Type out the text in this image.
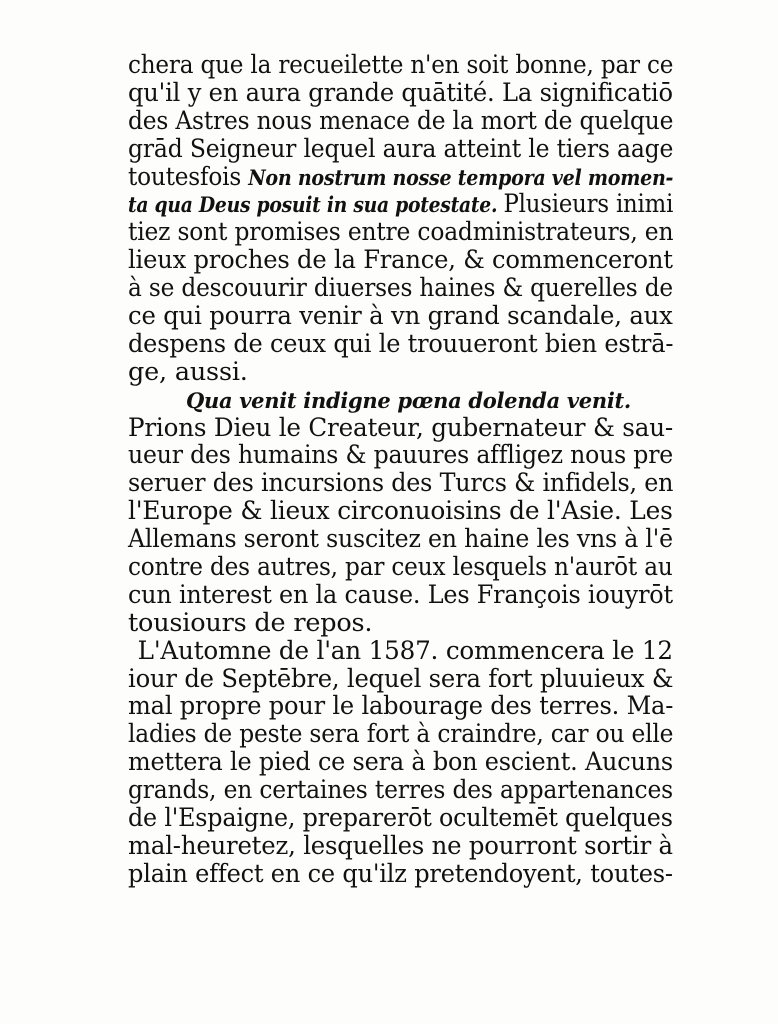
chera que la recueilette n'en soit bonne, par ce
qu'il y en aura grande quātité. La significatiō
des Astres nous menace de la mort de quelque
grād Seigneur lequel aura atteint le tiers aage
toutesfois Non nostrum nosse tempora vel momen-
ta qua Deus posuit in sua potestate. Plusieurs inimi
tiez sont promises entre coadministrateurs, en
lieux proches de la France, & commenceront
à se descouurir diuerses haines & querelles de
ce qui pourra venir à vn grand scandale, aux
despens de ceux qui le trouueront bien estrā-
ge, aussi.
Qua venit indigne pœna dolenda venit.
Prions Dieu le Createur, gubernateur & sau-
ueur des humains & pauures affligez nous pre
seruer des incursions des Turcs & infidels, en
l'Europe & lieux circonuoisins de l'Asie. Les
Allemans seront suscitez en haine les vns à l'ē
contre des autres, par ceux lesquels n'aurōt au
cun interest en la cause. Les François iouyrōt
tousiours de repos.
L'Automne de l'an 1587. commencera le 12
iour de Septēbre, lequel sera fort pluuieux &
mal propre pour le labourage des terres. Ma-
ladies de peste sera fort à craindre, car ou elle
mettera le pied ce sera à bon escient. Aucuns
grands, en certaines terres des appartenances
de l'Espaigne, preparerōt ocultemēt quelques
mal-heuretez, lesquelles ne pourront sortir à
plain effect en ce qu'ilz pretendoyent, toutes-
